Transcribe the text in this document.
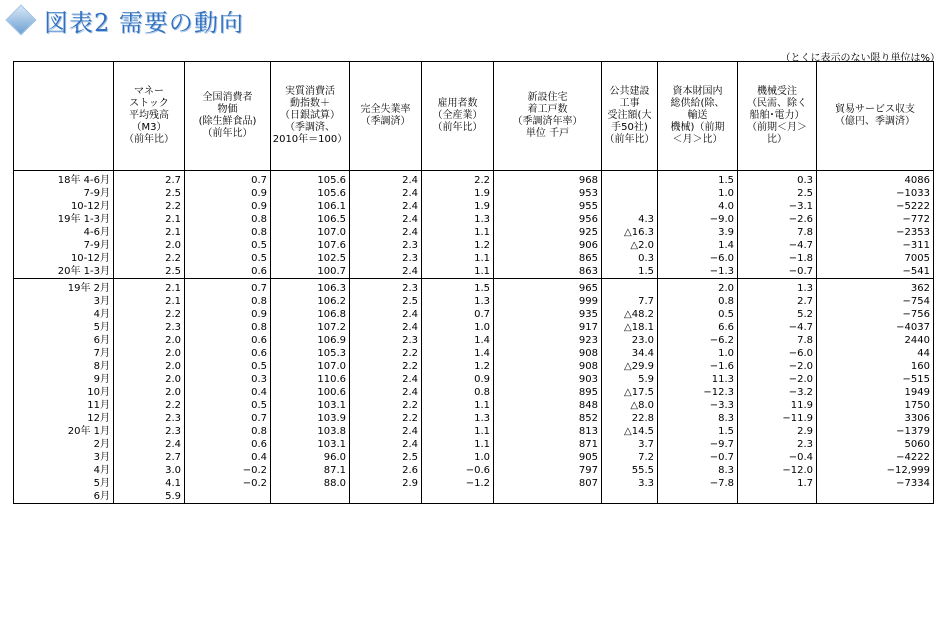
図表2 需要の動向
（とくに表示のない限り単位は%）
	マネー
ストック
平均残高
（M3）
（前年比）	全国消費者
物価
(除生鮮食品)
（前年比）	実質消費活
動指数＋
（日銀試算）
（季調済、
2010年＝100）	完全失業率
（季調済）	雇用者数
（全産業）
（前年比）	新設住宅
着工戸数
（季調済年率）
単位 千戸	公共建設
工事
受注額(大
手50社)
（前年比）	資本財国内
総供給(除、
輸送
機械)（前期
＜月＞比）	機械受注
（民需、除く
船舶･電力）
（前期＜月＞
比）	貿易サービス収支
（億円、季調済）

18年 4-6月	2.7	0.7	105.6	2.4	2.2	968		1.5	0.3	4086
7-9月	2.5	0.9	105.6	2.4	1.9	953		1.0	2.5	−1033
10-12月	2.2	0.9	106.1	2.4	1.9	955		4.0	−3.1	−5222
19年 1-3月	2.1	0.8	106.5	2.4	1.3	956	4.3	−9.0	−2.6	−772
4-6月	2.1	0.8	107.0	2.4	1.1	925	△16.3	3.9	7.8	−2353
7-9月	2.0	0.5	107.6	2.3	1.2	906	△2.0	1.4	−4.7	−311
10-12月	2.2	0.5	102.5	2.3	1.1	865	0.3	−6.0	−1.8	7005
20年 1-3月	2.5	0.6	100.7	2.4	1.1	863	1.5	−1.3	−0.7	−541

19年 2月	2.1	0.7	106.3	2.3	1.5	965		2.0	1.3	362
3月	2.1	0.8	106.2	2.5	1.3	999	7.7	0.8	2.7	−754
4月	2.2	0.9	106.8	2.4	0.7	935	△48.2	0.5	5.2	−756
5月	2.3	0.8	107.2	2.4	1.0	917	△18.1	6.6	−4.7	−4037
6月	2.0	0.6	106.9	2.3	1.4	923	23.0	−6.2	7.8	2440
7月	2.0	0.6	105.3	2.2	1.4	908	34.4	1.0	−6.0	44
8月	2.0	0.5	107.0	2.2	1.2	908	△29.9	−1.6	−2.0	160
9月	2.0	0.3	110.6	2.4	0.9	903	5.9	11.3	−2.0	−515
10月	2.0	0.4	100.6	2.4	0.8	895	△17.5	−12.3	−3.2	1949
11月	2.2	0.5	103.1	2.2	1.1	848	△8.0	−3.3	11.9	1750
12月	2.3	0.7	103.9	2.2	1.3	852	22.8	8.3	−11.9	3306
20年 1月	2.3	0.8	103.8	2.4	1.1	813	△14.5	1.5	2.9	−1379
2月	2.4	0.6	103.1	2.4	1.1	871	3.7	−9.7	2.3	5060
3月	2.7	0.4	96.0	2.5	1.0	905	7.2	−0.7	−0.4	−4222
4月	3.0	−0.2	87.1	2.6	−0.6	797	55.5	8.3	−12.0	−12,999
5月	4.1	−0.2	88.0	2.9	−1.2	807	3.3	−7.8	1.7	−7334
6月	5.9									
